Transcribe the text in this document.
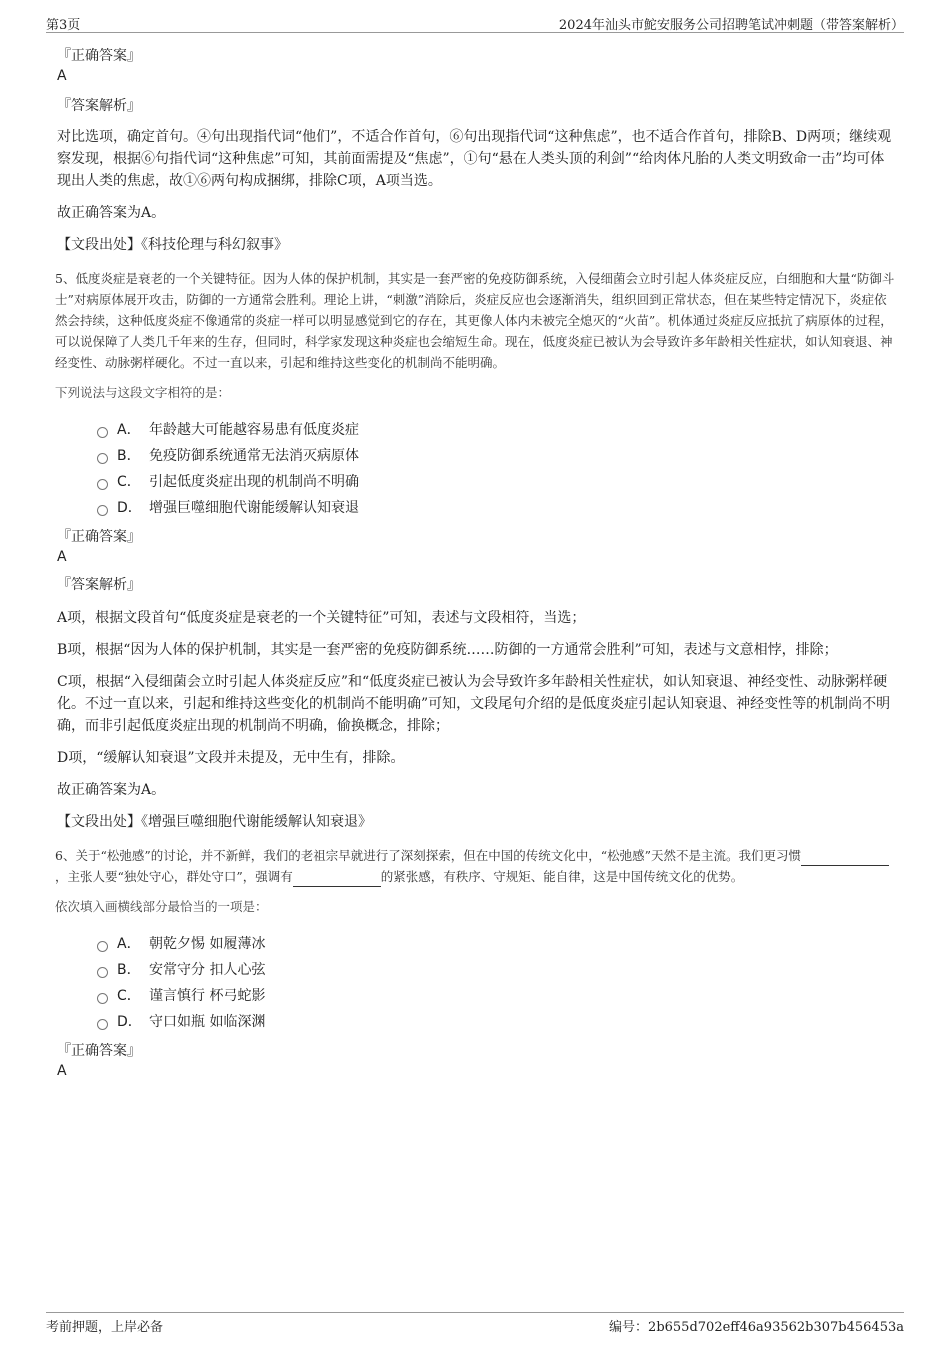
第3页	2024年汕头市鮀安服务公司招聘笔试冲刺题（带答案解析）

『正确答案』

A

『答案解析』

对比选项，确定首句。④句出现指代词“他们”，不适合作首句，⑥句出现指代词“这种焦虑”，也不适合作首句，排除B、D两项；继续观察发现，根据⑥句指代词“这种焦虑”可知，其前面需提及“焦虑”，①句“悬在人类头顶的利剑”“给肉体凡胎的人类文明致命一击”均可体现出人类的焦虑，故①⑥两句构成捆绑，排除C项，A项当选。

故正确答案为A。

【文段出处】《科技伦理与科幻叙事》

5、低度炎症是衰老的一个关键特征。因为人体的保护机制，其实是一套严密的免疫防御系统，入侵细菌会立时引起人体炎症反应，白细胞和大量“防御斗士”对病原体展开攻击，防御的一方通常会胜利。理论上讲，“刺激”消除后，炎症反应也会逐渐消失，组织回到正常状态，但在某些特定情况下，炎症依然会持续，这种低度炎症不像通常的炎症一样可以明显感觉到它的存在，其更像人体内未被完全熄灭的“火苗”。机体通过炎症反应抵抗了病原体的过程，可以说保障了人类几千年来的生存，但同时，科学家发现这种炎症也会缩短生命。现在，低度炎症已被认为会导致许多年龄相关性症状，如认知衰退、神经变性、动脉粥样硬化。不过一直以来，引起和维持这些变化的机制尚不能明确。

下列说法与这段文字相符的是：

A． 年龄越大可能越容易患有低度炎症
B． 免疫防御系统通常无法消灭病原体
C． 引起低度炎症出现的机制尚不明确
D． 增强巨噬细胞代谢能缓解认知衰退

『正确答案』

A

『答案解析』

A项，根据文段首句“低度炎症是衰老的一个关键特征”可知，表述与文段相符，当选；

B项，根据“因为人体的保护机制，其实是一套严密的免疫防御系统……防御的一方通常会胜利”可知，表述与文意相悖，排除；

C项，根据“入侵细菌会立时引起人体炎症反应”和“低度炎症已被认为会导致许多年龄相关性症状，如认知衰退、神经变性、动脉粥样硬化。不过一直以来，引起和维持这些变化的机制尚不能明确”可知，文段尾句介绍的是低度炎症引起认知衰退、神经变性等的机制尚不明确，而非引起低度炎症出现的机制尚不明确，偷换概念，排除；

D项，“缓解认知衰退”文段并未提及，无中生有，排除。

故正确答案为A。

【文段出处】《增强巨噬细胞代谢能缓解认知衰退》

6、关于“松弛感”的讨论，并不新鲜，我们的老祖宗早就进行了深刻探索，但在中国的传统文化中，“松弛感”天然不是主流。我们更习惯，主张人要“独处守心，群处守口”，强调有	的紧张感，有秩序、守规矩、能自律，这是中国传统文化的优势。

依次填入画横线部分最恰当的一项是：

A． 朝乾夕惕 如履薄冰
B． 安常守分 扣人心弦
C． 谨言慎行 杯弓蛇影
D． 守口如瓶 如临深渊

『正确答案』

A

考前押题，上岸必备	编号：2b655d702eff46a93562b307b456453a
